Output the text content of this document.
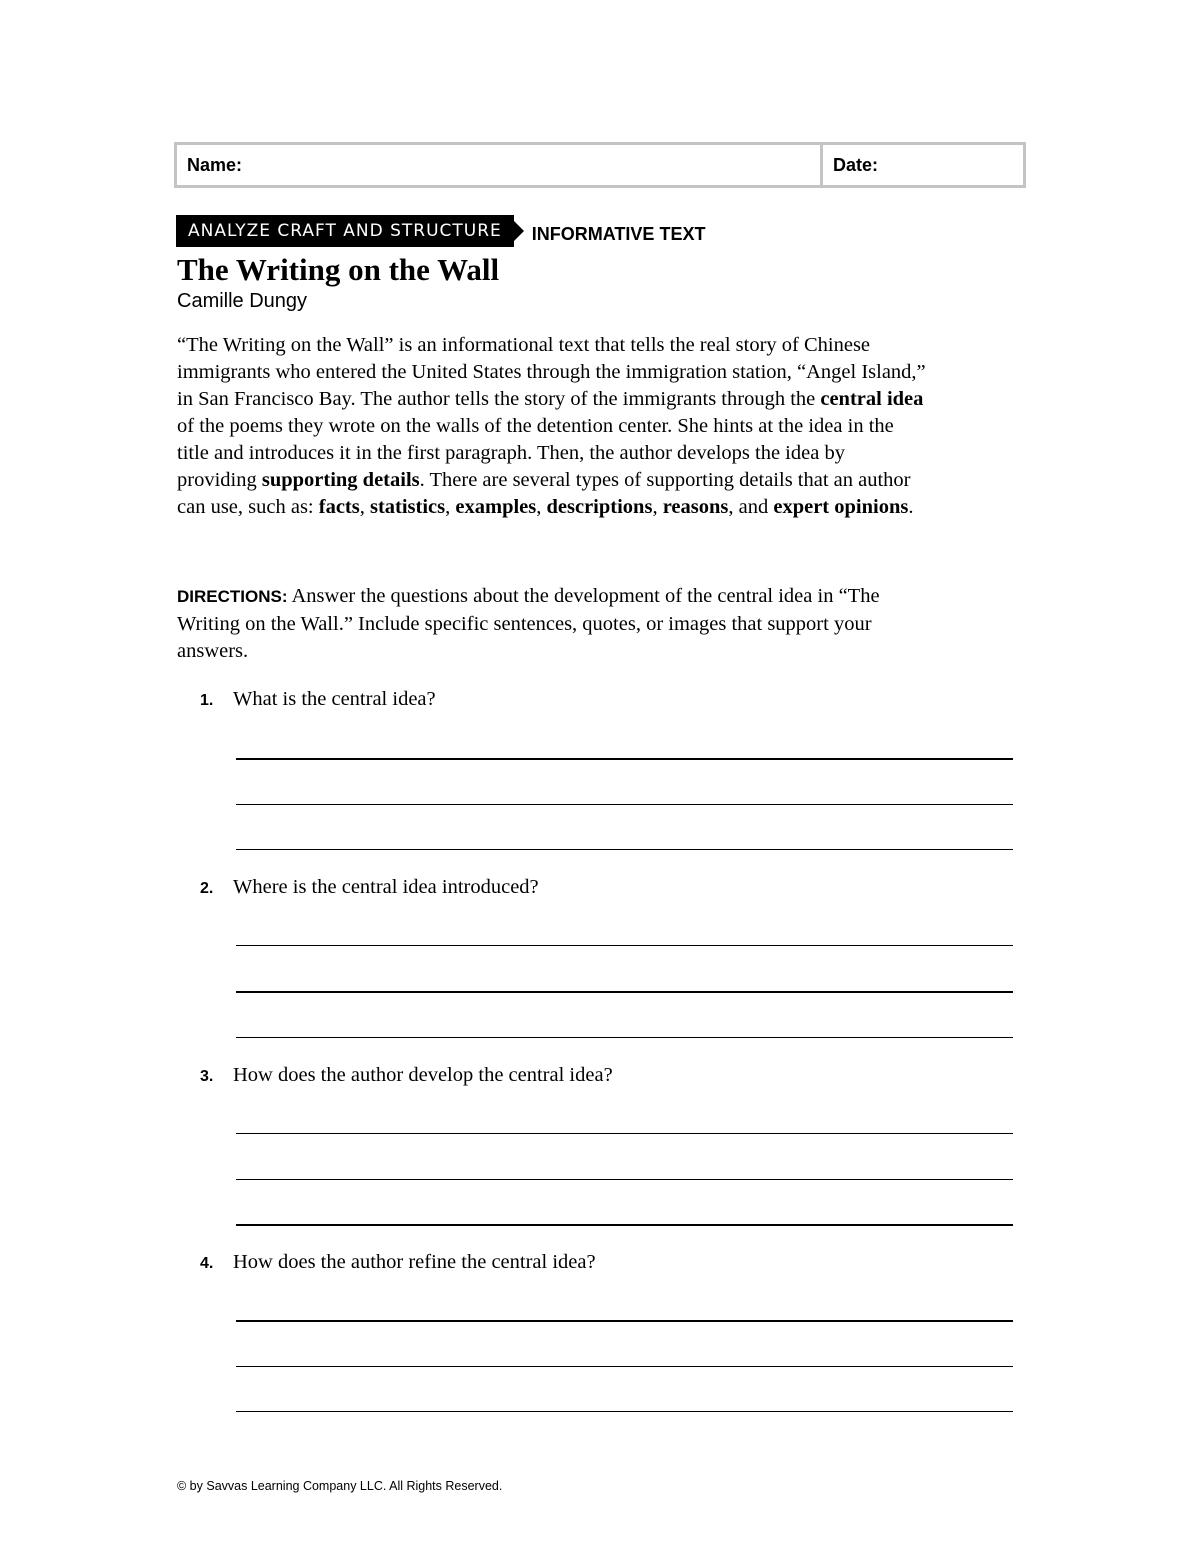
Name:	Date:
ANALYZE CRAFT AND STRUCTURE	INFORMATIVE TEXT
The Writing on the Wall
Camille Dungy
“The Writing on the Wall” is an informational text that tells the real story of Chinese immigrants who entered the United States through the immigration station, “Angel Island,” in San Francisco Bay. The author tells the story of the immigrants through the central idea of the poems they wrote on the walls of the detention center. She hints at the idea in the title and introduces it in the first paragraph. Then, the author develops the idea by providing supporting details. There are several types of supporting details that an author can use, such as: facts, statistics, examples, descriptions, reasons, and expert opinions.
DIRECTIONS: Answer the questions about the development of the central idea in “The Writing on the Wall.” Include specific sentences, quotes, or images that support your answers.
1. What is the central idea?
2. Where is the central idea introduced?
3. How does the author develop the central idea?
4. How does the author refine the central idea?
© by Savvas Learning Company LLC. All Rights Reserved.
